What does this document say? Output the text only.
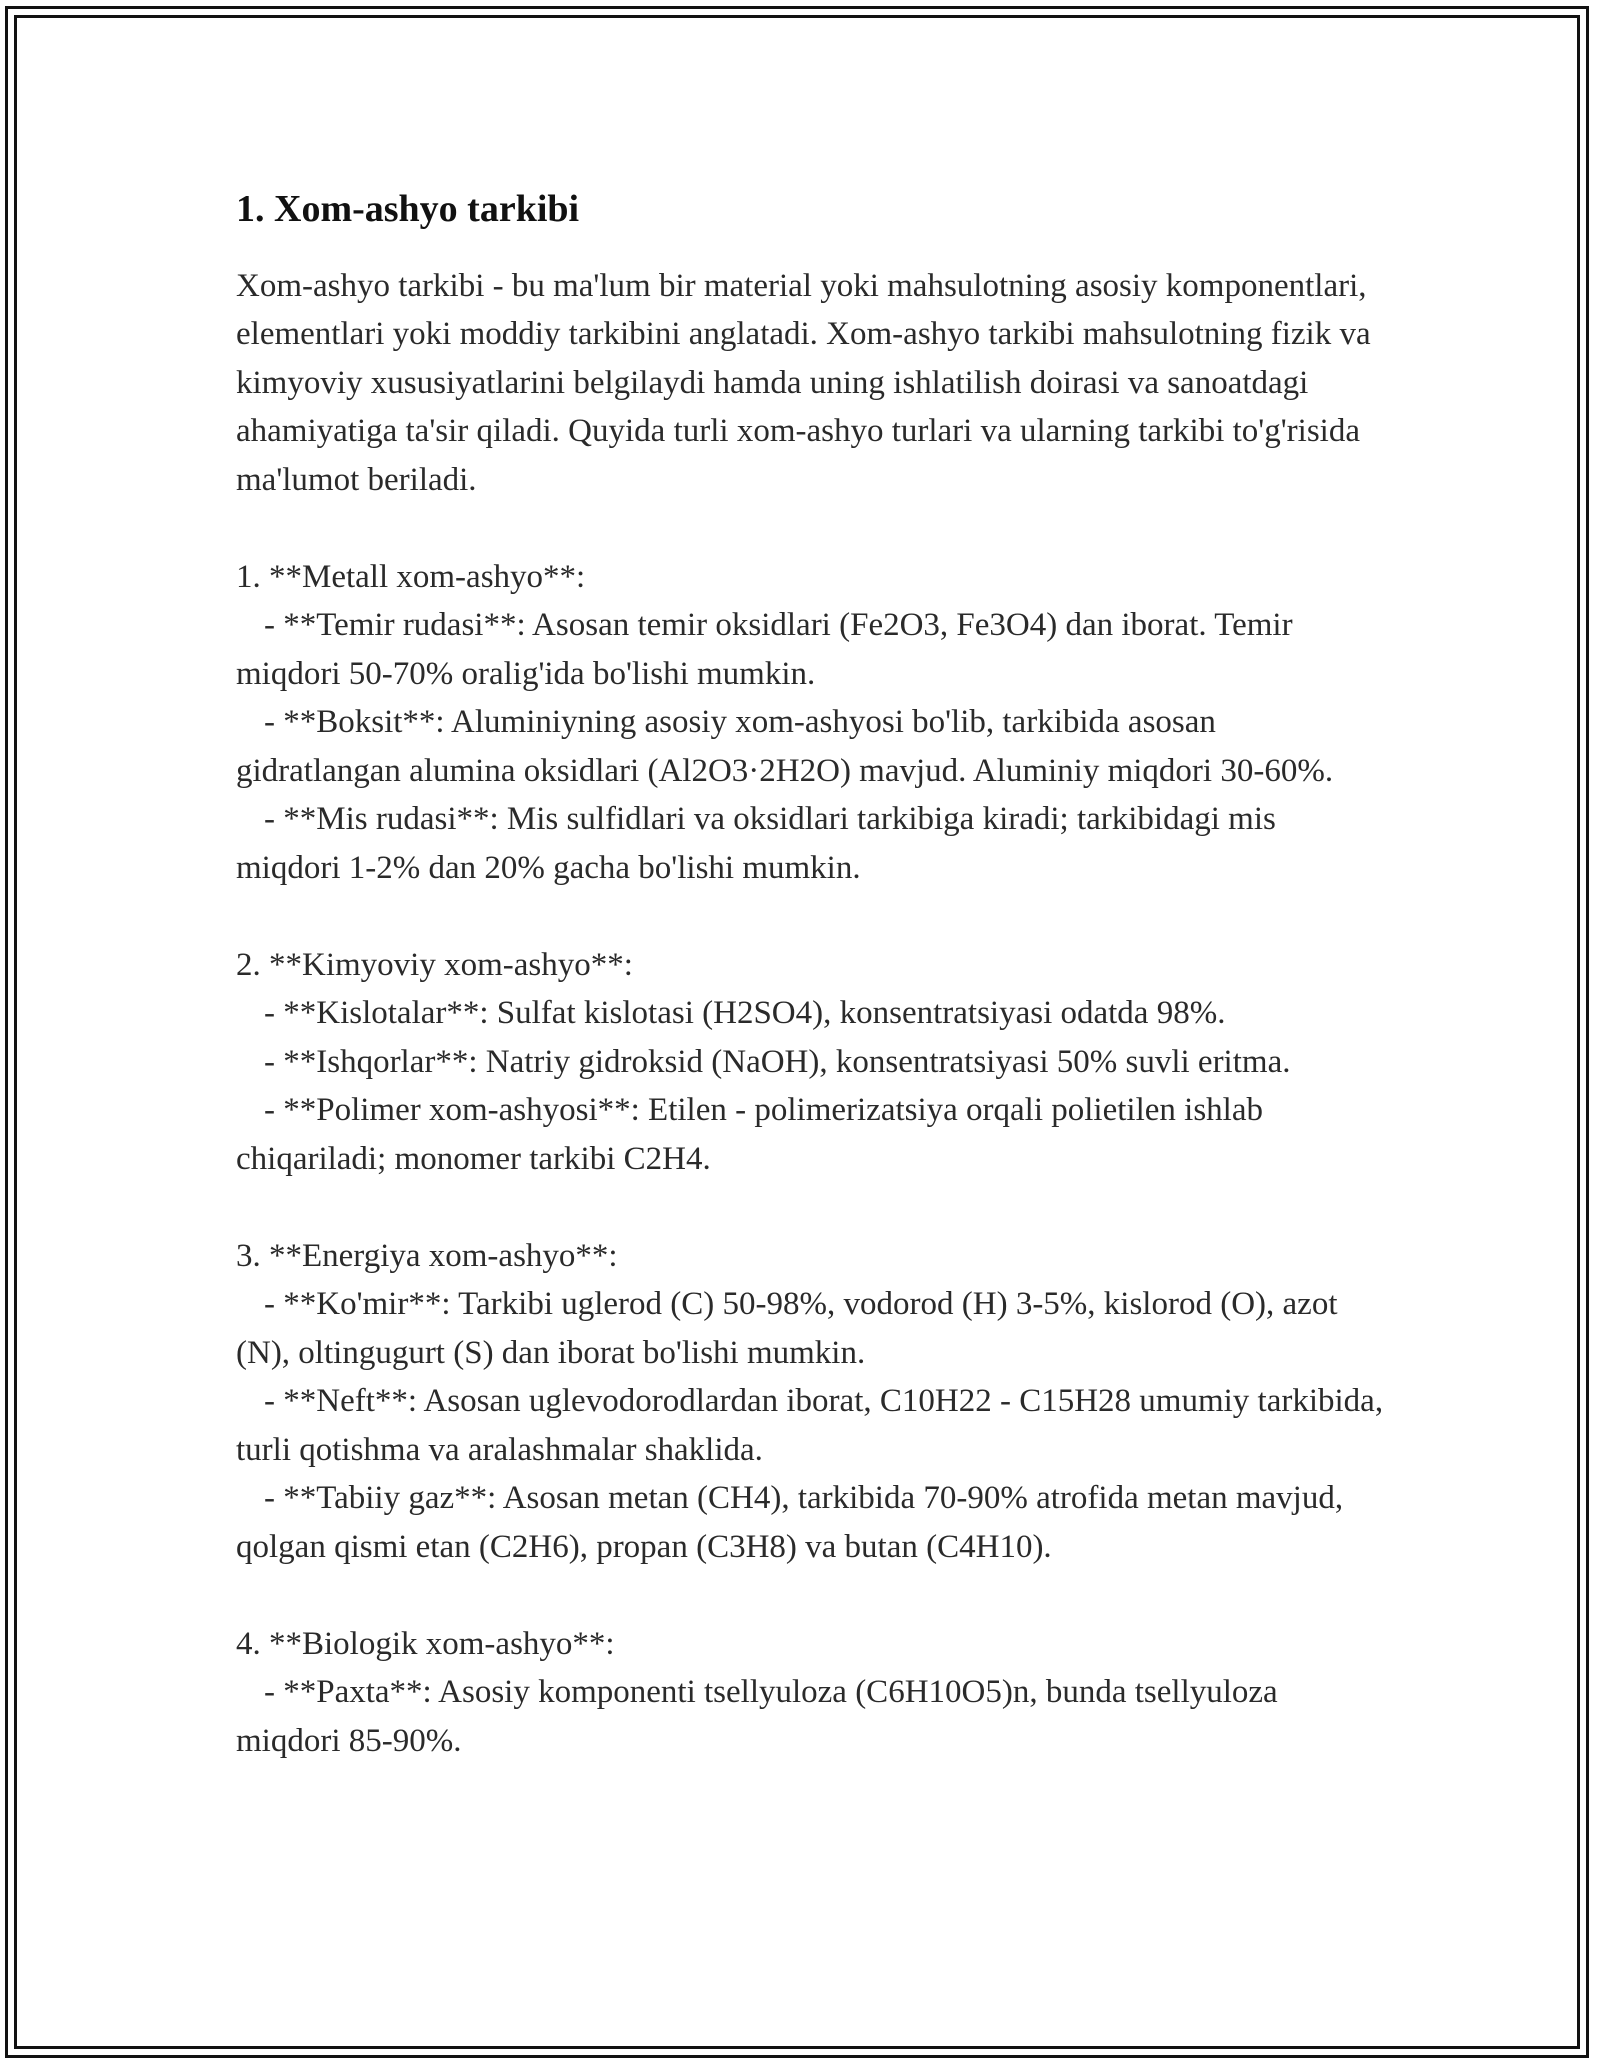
1. Xom-ashyo tarkibi

Xom-ashyo tarkibi - bu ma'lum bir material yoki mahsulotning asosiy komponentlari, elementlari yoki moddiy tarkibini anglatadi. Xom-ashyo tarkibi mahsulotning fizik va kimyoviy xususiyatlarini belgilaydi hamda uning ishlatilish doirasi va sanoatdagi ahamiyatiga ta'sir qiladi. Quyida turli xom-ashyo turlari va ularning tarkibi to'g'risida ma'lumot beriladi.

1. **Metall xom-ashyo**:

- **Temir rudasi**: Asosan temir oksidlari (Fe2O3, Fe3O4) dan iborat. Temir miqdori 50-70% oralig'ida bo'lishi mumkin.

- **Boksit**: Aluminiyning asosiy xom-ashyosi bo'lib, tarkibida asosan gidratlangan alumina oksidlari (Al2O3·2H2O) mavjud. Aluminiy miqdori 30-60%.

- **Mis rudasi**: Mis sulfidlari va oksidlari tarkibiga kiradi; tarkibidagi mis miqdori 1-2% dan 20% gacha bo'lishi mumkin.

2. **Kimyoviy xom-ashyo**:

- **Kislotalar**: Sulfat kislotasi (H2SO4), konsentratsiyasi odatda 98%.

- **Ishqorlar**: Natriy gidroksid (NaOH), konsentratsiyasi 50% suvli eritma.

- **Polimer xom-ashyosi**: Etilen - polimerizatsiya orqali polietilen ishlab chiqariladi; monomer tarkibi C2H4.

3. **Energiya xom-ashyo**:

- **Ko'mir**: Tarkibi uglerod (C) 50-98%, vodorod (H) 3-5%, kislorod (O), azot (N), oltingugurt (S) dan iborat bo'lishi mumkin.

- **Neft**: Asosan uglevodorodlardan iborat, C10H22 - C15H28 umumiy tarkibida, turli qotishma va aralashmalar shaklida.

- **Tabiiy gaz**: Asosan metan (CH4), tarkibida 70-90% atrofida metan mavjud, qolgan qismi etan (C2H6), propan (C3H8) va butan (C4H10).

4. **Biologik xom-ashyo**:

- **Paxta**: Asosiy komponenti tsellyuloza (C6H10O5)n, bunda tsellyuloza miqdori 85-90%.
